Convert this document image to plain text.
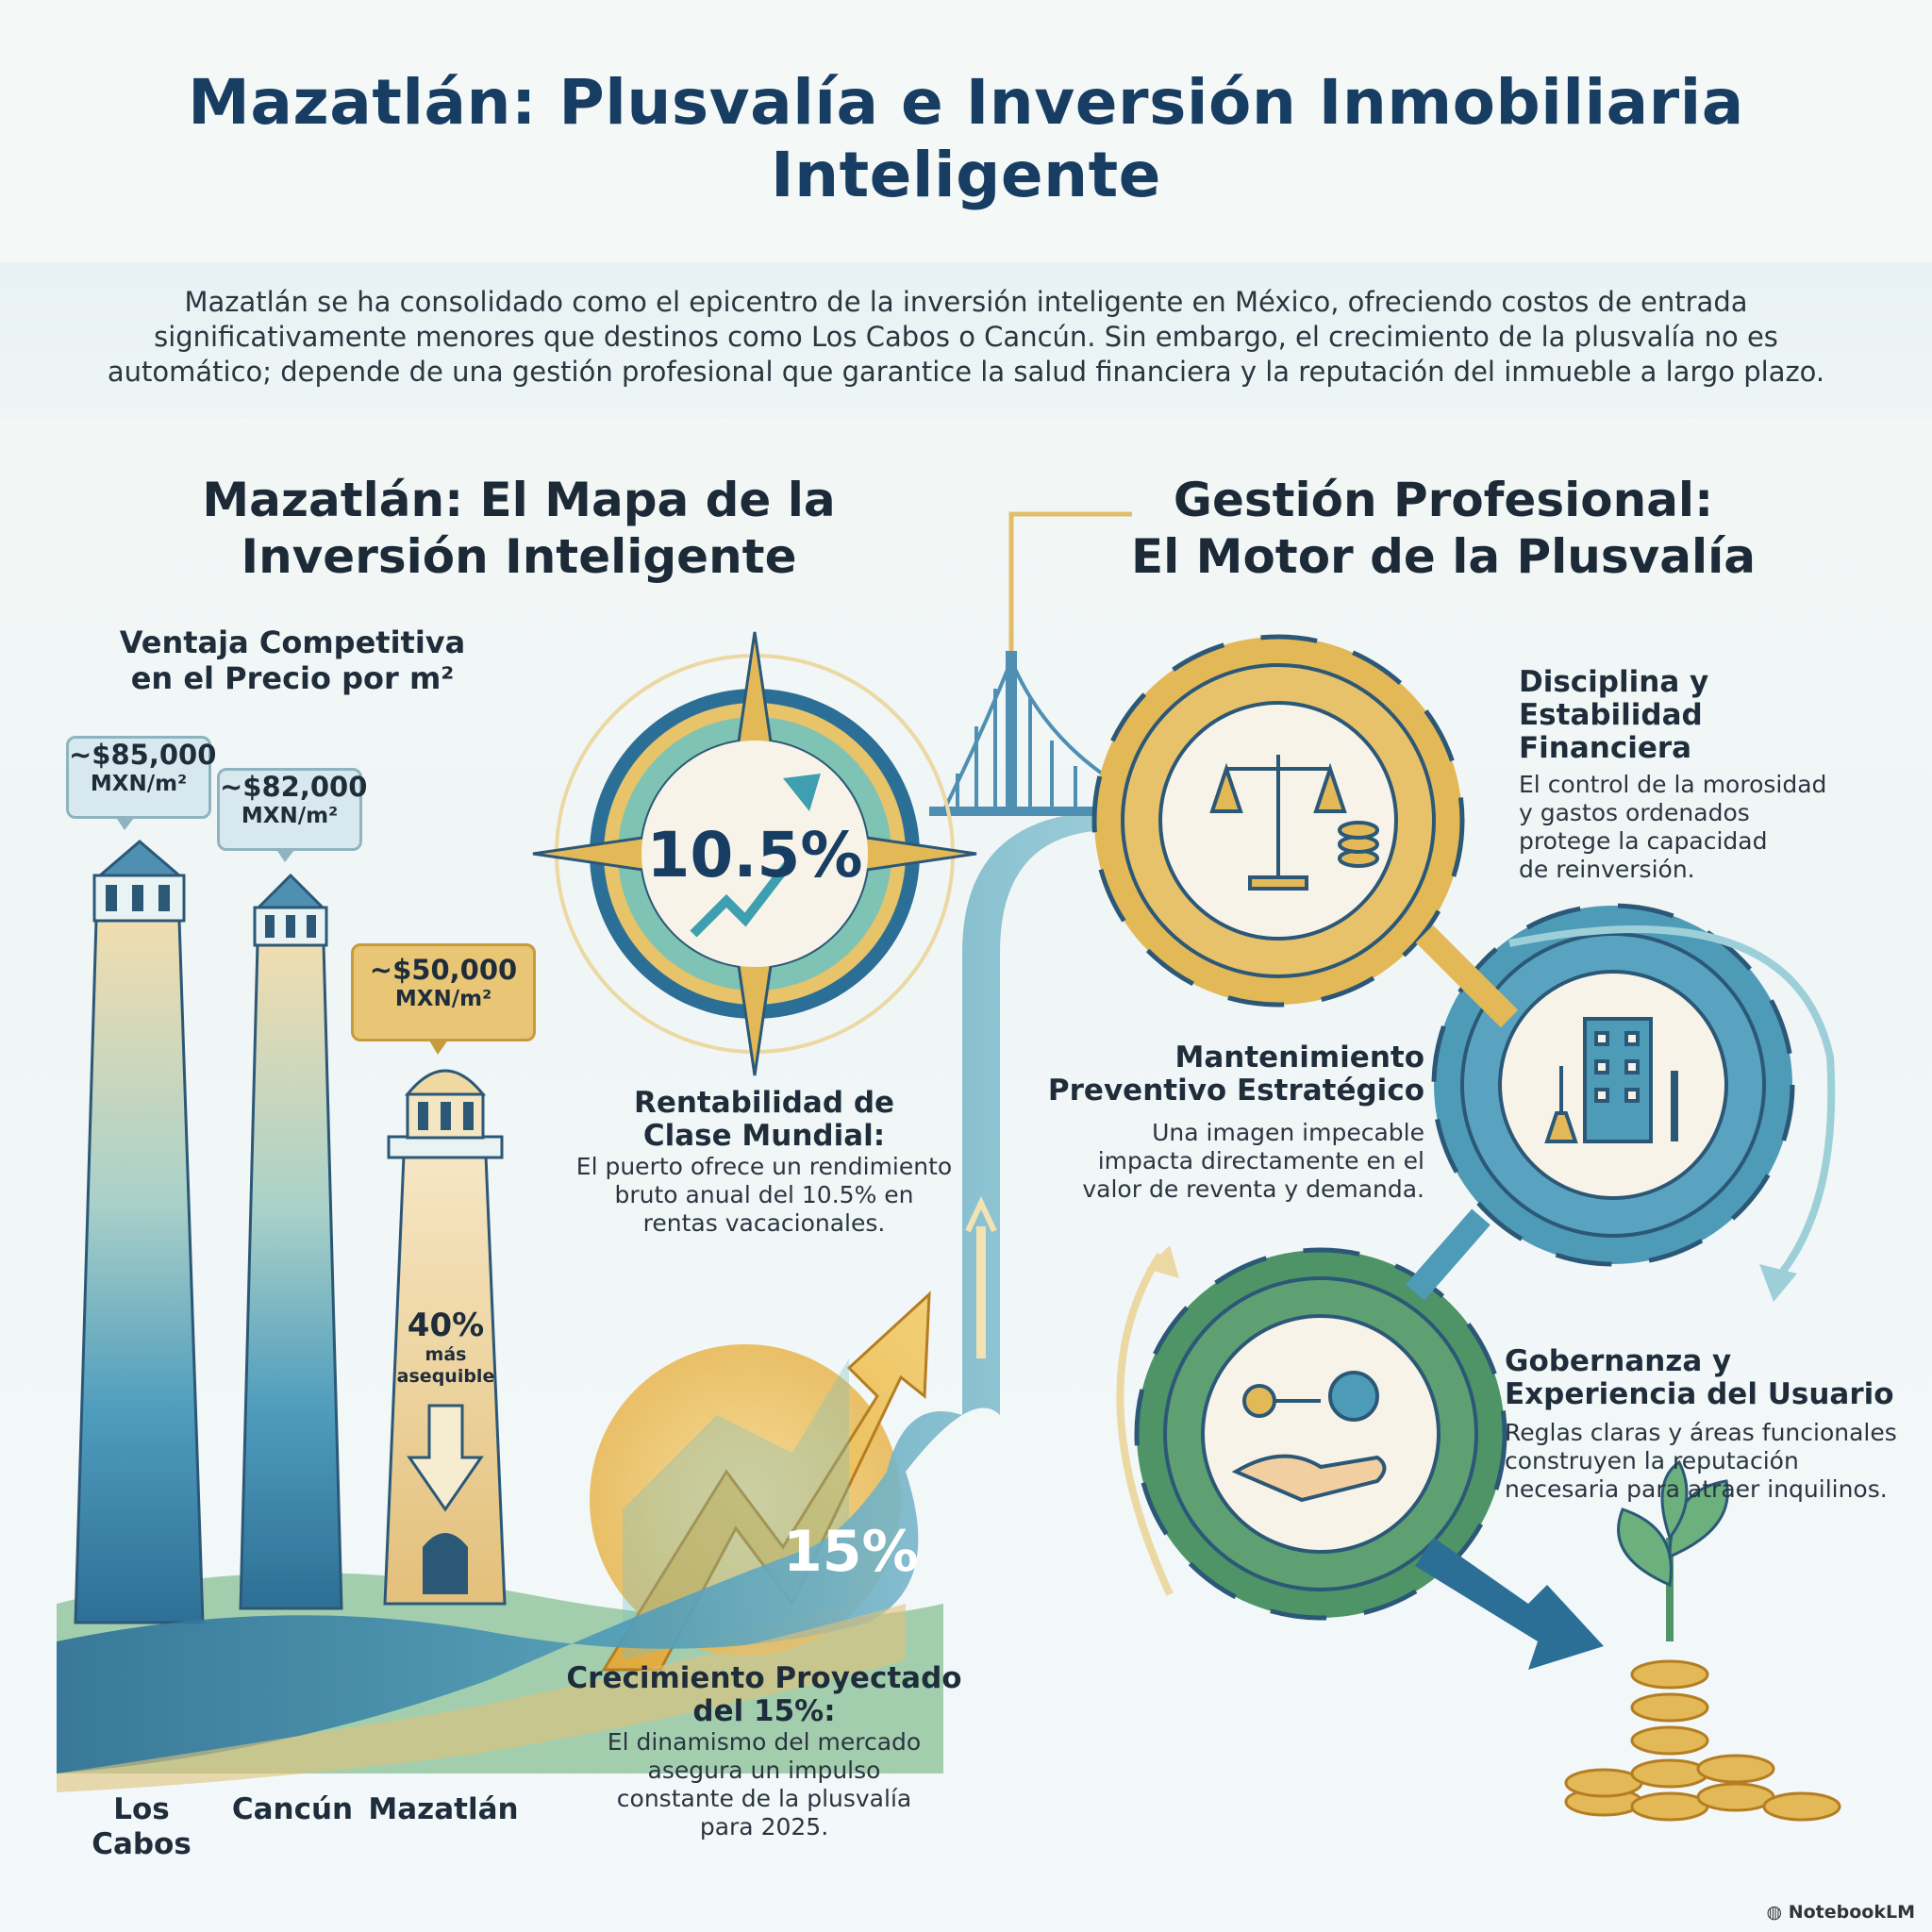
Mazatlán: Plusvalía e Inversión Inmobiliaria Inteligente
Mazatlán se ha consolidado como el epicentro de la inversión inteligente en México, ofreciendo costos de entrada significativamente menores que destinos como Los Cabos o Cancún. Sin embargo, el crecimiento de la plusvalía no es automático; depende de una gestión profesional que garantice la salud financiera y la reputación del inmueble a largo plazo.
Mazatlán: El Mapa de la
Inversión Inteligente
Ventaja Competitiva
en el Precio por m²
~$85,000
MXN/m²	~$82,000
MXN/m²
~$50,000
MXN/m²
40%
más
asequible
Los
Cabos
Cancún Mazatlán
10.5%
Rentabilidad de
Clase Mundial:
El puerto ofrece un rendimiento
bruto anual del 10.5% en
rentas vacacionales.
15%
Crecimiento Proyectado
del 15%:
El dinamismo del mercado
asegura un impulso
constante de la plusvalía
para 2025.
Gestión Profesional:
El Motor de la Plusvalía
Disciplina y
Estabilidad
Financiera
El control de la morosidad
y gastos ordenados
protege la capacidad
de reinversión.
Mantenimiento
Preventivo Estratégico
Una imagen impecable
impacta directamente en el
valor de reventa y demanda.
Gobernanza y
Experiencia del Usuario
Reglas claras y áreas funcionales
construyen la reputación
necesaria para atraer inquilinos.
◍ NotebookLM
